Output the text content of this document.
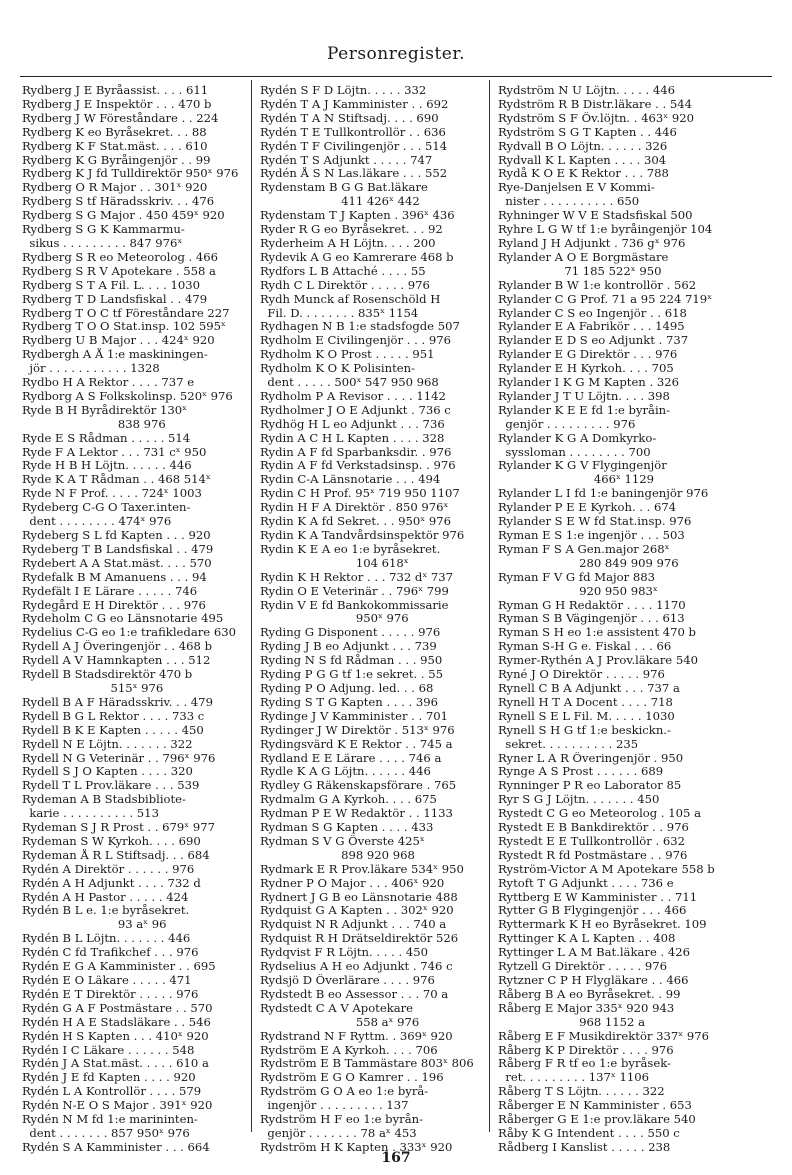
Personregister.
Rydberg J E Byråassist. . . . 611
Rydberg J E Inspektör . . . 470 b
Rydberg J W Föreståndare . . 224
Rydberg K eo Byråsekret. . . 88
Rydberg K F Stat.mäst. . . . 610
Rydberg K G Byråingenjör . . 99
Rydberg K J fd Tulldirektör 950ˣ 976
Rydberg O R Major . . 301ˣ 920
Rydberg S tf Häradsskriv. . . 476
Rydberg S G Major . 450 459ˣ 920
Rydberg S G K Kammarmu-
sikus . . . . . . . . . 847 976ˣ
Rydberg S R eo Meteorolog . 466
Rydberg S R V Apotekare . 558 a
Rydberg S T A Fil. L. . . . 1030
Rydberg T D Landsfiskal . . 479
Rydberg T O C tf Föreståndare 227
Rydberg T O O Stat.insp. 102 595ˣ
Rydberg U B Major . . . 424ˣ 920
Rydbergh A Å 1:e maskiningen-
jör . . . . . . . . . . . 1328
Rydbo H A Rektor . . . . 737 e
Rydborg A S Folkskolinsp. 520ˣ 976
Ryde B H Byrådirektör 130ˣ
838 976
Ryde E S Rådman . . . . . 514
Ryde F A Lektor . . . 731 cˣ 950
Ryde H B H Löjtn. . . . . . 446
Ryde K A T Rådman . . 468 514ˣ
Ryde N F Prof. . . . . 724ˣ 1003
Rydeberg C-G O Taxer.inten-
dent . . . . . . . . 474ˣ 976
Rydeberg S L fd Kapten . . . 920
Rydeberg T B Landsfiskal . . 479
Rydebert A A Stat.mäst. . . . 570
Rydefalk B M Amanuens . . . 94
Rydefält I E Lärare . . . . . 746
Rydegård E H Direktör . . . 976
Rydeholm C G eo Länsnotarie 495
Rydelius C-G eo 1:e trafikledare 630
Rydell A J Överingenjör . . 468 b
Rydell A V Hamnkapten . . . 512
Rydell B Stadsdirektör 470 b
515ˣ 976
Rydell B A F Häradsskriv. . . 479
Rydell B G L Rektor . . . . 733 c
Rydell B K E Kapten . . . . . 450
Rydell N E Löjtn. . . . . . . 322
Rydell N G Veterinär . . 796ˣ 976
Rydell S J O Kapten . . . . 320
Rydell T L Prov.läkare . . . 539
Rydeman A B Stadsbibliote-
karie . . . . . . . . . . 513
Rydeman S J R Prost . . 679ˣ 977
Rydeman S W Kyrkoh. . . . 690
Rydeman Å R L Stiftsadj. . . 684
Rydén A Direktör . . . . . . 976
Rydén A H Adjunkt . . . . 732 d
Rydén A H Pastor . . . . . 424
Rydén B L e. 1:e byråsekret.
93 aˣ 96
Rydén B L Löjtn. . . . . . . 446
Rydén C fd Trafikchef . . . 976
Rydén E G A Kamminister . . 695
Rydén E O Läkare . . . . . 471
Rydén E T Direktör . . . . . 976
Rydén G A F Postmästare . . 570
Rydén H A E Stadsläkare . . 546
Rydén H S Kapten . . . 410ˣ 920
Rydén I C Läkare . . . . . . 548
Rydén J A Stat.mäst. . . . . 610 a
Rydén J E fd Kapten . . . . 920
Rydén L A Kontrollör . . . . 579
Rydén N-E O S Major . 391ˣ 920
Rydén N M fd 1:e marininten-
dent . . . . . . . 857 950ˣ 976
Rydén S A Kamminister . . . 664
Rydén S F D Löjtn. . . . . 332
Rydén T A J Kamminister . . 692
Rydén T A N Stiftsadj. . . . 690
Rydén T E Tullkontrollör . . 636
Rydén T F Civilingenjör . . . 514
Rydén T S Adjunkt . . . . . 747
Rydén Å S N Las.läkare . . . 552
Rydenstam B G G Bat.läkare
411 426ˣ 442
Rydenstam T J Kapten . 396ˣ 436
Ryder R G eo Byråsekret. . . 92
Ryderheim A H Löjtn. . . . 200
Rydevik A G eo Kamrerare 468 b
Rydfors L B Attaché . . . . 55
Rydh C L Direktör . . . . . 976
Rydh Munck af Rosenschöld H
Fil. D. . . . . . . . 835ˣ 1154
Rydhagen N B 1:e stadsfogde 507
Rydholm E Civilingenjör . . . 976
Rydholm K O Prost . . . . . 951
Rydholm K O K Polisinten-
dent . . . . . 500ˣ 547 950 968
Rydholm P A Revisor . . . . 1142
Rydholmer J O E Adjunkt . 736 c
Rydhög H L eo Adjunkt . . . 736
Rydin A C H L Kapten . . . . 328
Rydin A F fd Sparbanksdir. . 976
Rydin A F fd Verkstadsinsp. . 976
Rydin C-A Länsnotarie . . . 494
Rydin C H Prof. 95ˣ 719 950 1107
Rydin H F A Direktör . 850 976ˣ
Rydin K A fd Sekret. . . 950ˣ 976
Rydin K A Tandvårdsinspektör 976
Rydin K E A eo 1:e byråsekret.
104 618ˣ
Rydin K H Rektor . . . 732 dˣ 737
Rydin O E Veterinär . . 796ˣ 799
Rydin V E fd Bankokommissarie
950ˣ 976
Ryding G Disponent . . . . . 976
Ryding J B eo Adjunkt . . . 739
Ryding N S fd Rådman . . . 950
Ryding P G G tf 1:e sekret. . 55
Ryding P O Adjung. led. . . 68
Ryding S T G Kapten . . . . 396
Rydinge J V Kamminister . . 701
Rydinger J W Direktör . 513ˣ 976
Rydingsvärd K E Rektor . . 745 a
Rydland E E Lärare . . . . 746 a
Rydle K A G Löjtn. . . . . . 446
Rydley G Räkenskapsförare . 765
Rydmalm G A Kyrkoh. . . . 675
Rydman P E W Redaktör . . 1133
Rydman S G Kapten . . . . 433
Rydman S V G Överste 425ˣ
898 920 968
Rydmark E R Prov.läkare 534ˣ 950
Rydner P O Major . . . 406ˣ 920
Rydnert J G B eo Länsnotarie 488
Rydquist G A Kapten . . 302ˣ 920
Rydquist N R Adjunkt . . . 740 a
Rydquist R H Drätseldirektör 526
Rydqvist F R Löjtn. . . . . 450
Rydselius A H eo Adjunkt . 746 c
Rydsjö D Överlärare . . . . 976
Rydstedt B eo Assessor . . . 70 a
Rydstedt C A V Apotekare
558 aˣ 976
Rydstrand N F Ryttm. . 369ˣ 920
Rydström E A Kyrkoh. . . . 706
Rydström E B Tammästare 803ˣ 806
Rydström E G O Kamrer . . 196
Rydström G O A eo 1:e byrå-
ingenjör . . . . . . . . . 137
Rydström H F eo 1:e byrån-
genjör . . . . . . . 78 aˣ 453
Rydström H K Kapten . 333ˣ 920
Rydström N U Löjtn. . . . . 446
Rydström R B Distr.läkare . . 544
Rydström S F Öv.löjtn. . 463ˣ 920
Rydström S G T Kapten . . 446
Rydvall B O Löjtn. . . . . . 326
Rydvall K L Kapten . . . . 304
Rydå K O E K Rektor . . . 788
Rye-Danjelsen E V Kommi-
nister . . . . . . . . . . 650
Ryhninger W V E Stadsfiskal 500
Ryhre L G W tf 1:e byråingenjör 104
Ryland J H Adjunkt . 736 gˣ 976
Rylander A O E Borgmästare
71 185 522ˣ 950
Rylander B W 1:e kontrollör . 562
Rylander C G Prof. 71 a 95 224 719ˣ
Rylander C S eo Ingenjör . . 618
Rylander E A Fabrikör . . . 1495
Rylander E D S eo Adjunkt . 737
Rylander E G Direktör . . . 976
Rylander E H Kyrkoh. . . . 705
Rylander I K G M Kapten . 326
Rylander J T U Löjtn. . . . 398
Rylander K E E fd 1:e byråin-
genjör . . . . . . . . . 976
Rylander K G A Domkyrko-
syssloman . . . . . . . . 700
Rylander K G V Flygingenjör
466ˣ 1129
Rylander L I fd 1:e baningenjör 976
Rylander P E E Kyrkoh. . . 674
Rylander S E W fd Stat.insp. 976
Ryman E S 1:e ingenjör . . . 503
Ryman F S A Gen.major 268ˣ
280 849 909 976
Ryman F V G fd Major 883
920 950 983ˣ
Ryman G H Redaktör . . . . 1170
Ryman S B Vägingenjör . . . 613
Ryman S H eo 1:e assistent 470 b
Ryman S-H G e. Fiskal . . . 66
Rymer-Rythén A J Prov.läkare 540
Ryné J O Direktör . . . . . 976
Rynell C B A Adjunkt . . . 737 a
Rynell H T A Docent . . . . 718
Rynell S E L Fil. M. . . . . 1030
Rynell S H G tf 1:e beskickn.-
sekret. . . . . . . . . . 235
Ryner L A R Överingenjör . 950
Rynge A S Prost . . . . . . 689
Rynninger P R eo Laborator 85
Ryr S G J Löjtn. . . . . . . 450
Rystedt C G eo Meteorolog . 105 a
Rystedt E B Bankdirektör . . 976
Rystedt E E Tullkontrollör . 632
Rystedt R fd Postmästare . . 976
Ryström-Victor A M Apotekare 558 b
Rytoft T G Adjunkt . . . . 736 e
Ryttberg E W Kamminister . . 711
Rytter G B Flygingenjör . . . 466
Ryttermark K H eo Byråsekret. 109
Ryttinger K A L Kapten . . 408
Ryttinger L A M Bat.läkare . 426
Rytzell G Direktör . . . . . 976
Rytzner C P H Flygläkare . . 466
Råberg B A eo Byråsekret. . 99
Råberg E Major 335ˣ 920 943
968 1152 a
Råberg E F Musikdirektör 337ˣ 976
Råberg K P Direktör . . . . 976
Råberg F R tf eo 1:e byråsek-
ret. . . . . . . . . 137ˣ 1106
Råberg T S Löjtn. . . . . . 322
Råberger E N Kamminister . 653
Råberger G E 1:e prov.läkare 540
Råby K G Intendent . . . . 550 c
Rådberg I Kanslist . . . . . 238
167
